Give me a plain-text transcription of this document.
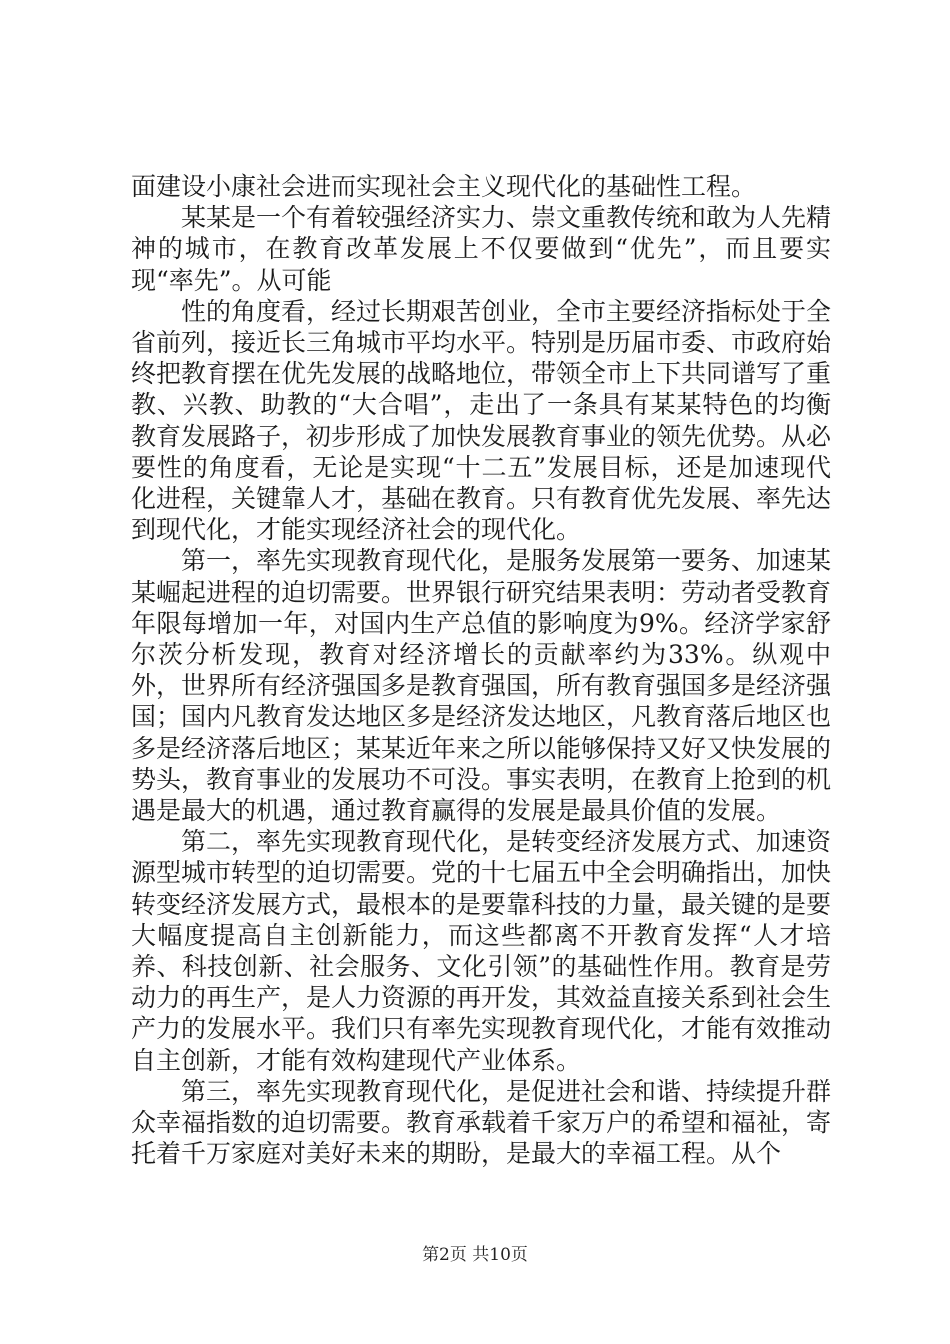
面建设小康社会进而实现社会主义现代化的基础性工程。

某某是一个有着较强经济实力、崇文重教传统和敢为人先精神的城市，在教育改革发展上不仅要做到“优先”，而且要实现“率先”。从可能

性的角度看，经过长期艰苦创业，全市主要经济指标处于全省前列，接近长三角城市平均水平。特别是历届市委、市政府始终把教育摆在优先发展的战略地位，带领全市上下共同谱写了重教、兴教、助教的“大合唱”，走出了一条具有某某特色的均衡教育发展路子，初步形成了加快发展教育事业的领先优势。从必要性的角度看，无论是实现“十二五”发展目标，还是加速现代化进程，关键靠人才，基础在教育。只有教育优先发展、率先达到现代化，才能实现经济社会的现代化。

第一，率先实现教育现代化，是服务发展第一要务、加速某某崛起进程的迫切需要。世界银行研究结果表明：劳动者受教育年限每增加一年，对国内生产总值的影响度为9%。经济学家舒尔茨分析发现，教育对经济增长的贡献率约为33%。纵观中外，世界所有经济强国多是教育强国，所有教育强国多是经济强国；国内凡教育发达地区多是经济发达地区，凡教育落后地区也多是经济落后地区；某某近年来之所以能够保持又好又快发展的势头，教育事业的发展功不可没。事实表明，在教育上抢到的机遇是最大的机遇，通过教育赢得的发展是最具价值的发展。

第二，率先实现教育现代化，是转变经济发展方式、加速资源型城市转型的迫切需要。党的十七届五中全会明确指出，加快转变经济发展方式，最根本的是要靠科技的力量，最关键的是要大幅度提高自主创新能力，而这些都离不开教育发挥“人才培养、科技创新、社会服务、文化引领”的基础性作用。教育是劳动力的再生产，是人力资源的再开发，其效益直接关系到社会生产力的发展水平。我们只有率先实现教育现代化，才能有效推动自主创新，才能有效构建现代产业体系。

第三，率先实现教育现代化，是促进社会和谐、持续提升群众幸福指数的迫切需要。教育承载着千家万户的希望和福祉，寄托着千万家庭对美好未来的期盼，是最大的幸福工程。从个

第2页 共10页
